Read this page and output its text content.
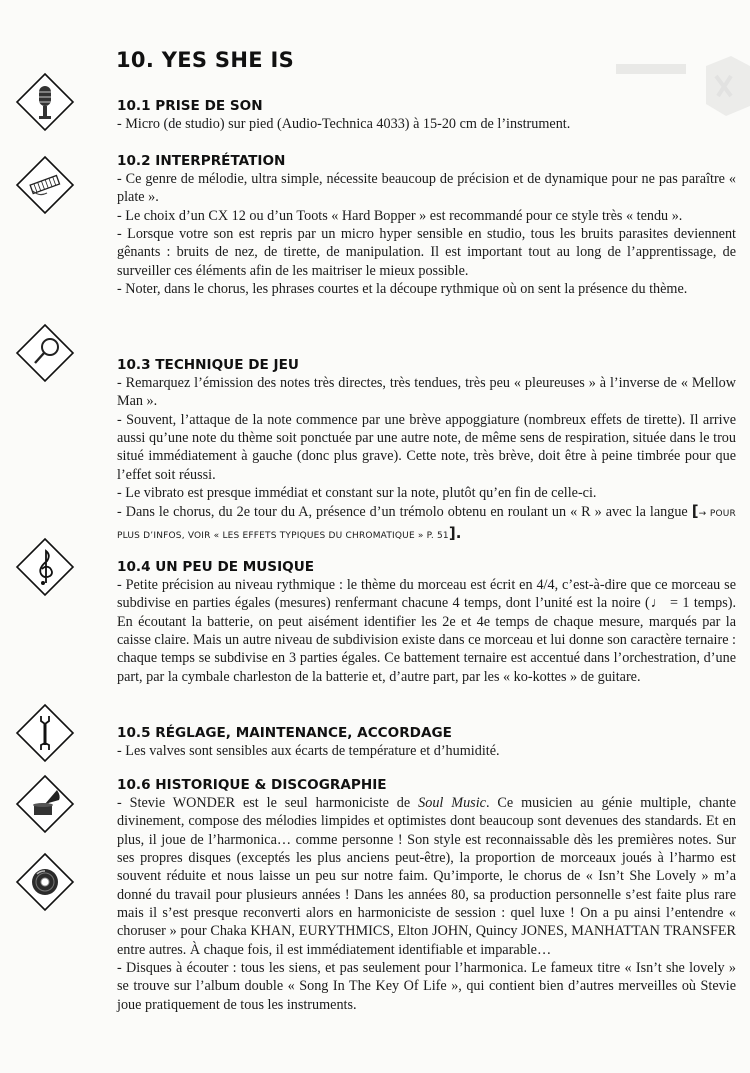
10. YES SHE IS
10.1 PRISE DE SON

- Micro (de studio) sur pied (Audio-Technica 4033) à 15-20 cm de l’instrument.

10.2 INTERPRÉTATION

- Ce genre de mélodie, ultra simple, nécessite beaucoup de précision et de dynamique pour ne pas paraître « plate ».

- Le choix d’un CX 12 ou d’un Toots « Hard Bopper » est recommandé pour ce style très « tendu ».

- Lorsque votre son est repris par un micro hyper sensible en studio, tous les bruits parasites deviennent gênants : bruits de nez, de tirette, de manipulation. Il est important tout au long de l’apprentissage, de surveiller ces éléments afin de les maitriser le mieux possible.

- Noter, dans le chorus, les phrases courtes et la découpe rythmique où on sent la présence du thème.

10.3 TECHNIQUE DE JEU

- Remarquez l’émission des notes très directes, très tendues, très peu « pleureuses » à l’inverse de « Mellow Man ».

- Souvent, l’attaque de la note commence par une brève appoggiature (nombreux effets de tirette). Il arrive aussi qu’une note du thème soit ponctuée par une autre note, de même sens de respiration, située dans le trou situé immédiatement à gauche (donc plus grave). Cette note, très brève, doit être à peine timbrée pour que l’effet soit réussi.

- Le vibrato est presque immédiat et constant sur la note, plutôt qu’en fin de celle-ci.

- Dans le chorus, du 2e tour du A, présence d’un trémolo obtenu en roulant un « R » avec la langue [→ POUR PLUS D’INFOS, VOIR « LES EFFETS TYPIQUES DU CHROMATIQUE » P. 51].

10.4 UN PEU DE MUSIQUE

- Petite précision au niveau rythmique : le thème du morceau est écrit en 4/4, c’est-à-dire que ce morceau se subdivise en parties égales (mesures) renfermant chacune 4 temps, dont l’unité est la noire (♩ = 1 temps). En écoutant la batterie, on peut aisément identifier les 2e et 4e temps de chaque mesure, marqués par la caisse claire. Mais un autre niveau de subdivision existe dans ce morceau et lui donne son caractère ternaire : chaque temps se subdivise en 3 parties égales. Ce battement ternaire est accentué dans l’orchestration, d’une part, par la cymbale charleston de la batterie et, d’autre part, par les « ko-kottes » de guitare.

10.5 RÉGLAGE, MAINTENANCE, ACCORDAGE

- Les valves sont sensibles aux écarts de température et d’humidité.

10.6 HISTORIQUE & DISCOGRAPHIE

- Stevie WONDER est le seul harmoniciste de Soul Music. Ce musicien au génie multiple, chante divinement, compose des mélodies limpides et optimistes dont beaucoup sont devenues des standards. Et en plus, il joue de l’harmonica… comme personne ! Son style est reconnaissable dès les premières notes. Sur ses propres disques (exceptés les plus anciens peut-être), la proportion de morceaux joués à l’harmo est souvent réduite et nous laisse un peu sur notre faim. Qu’importe, le chorus de « Isn’t She Lovely » m’a donné du travail pour plusieurs années ! Dans les années 80, sa production personnelle s’est faite plus rare mais il s’est presque reconverti alors en harmoniciste de session : quel luxe ! On a pu ainsi l’entendre « choruser » pour Chaka KHAN, EURYTHMICS, Elton JOHN, Quincy JONES, MANHATTAN TRANSFER entre autres. À chaque fois, il est immédiatement identifiable et imparable…

- Disques à écouter : tous les siens, et pas seulement pour l’harmonica. Le fameux titre « Isn’t she lovely » se trouve sur l’album double « Song In The Key Of Life », qui contient bien d’autres merveilles où Stevie joue pratiquement de tous les instruments.
